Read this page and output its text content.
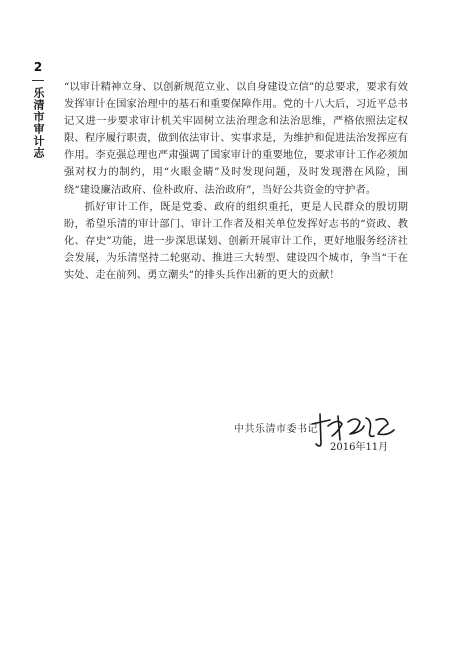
2
乐清市审计志 “以审计精神立身、以创新规范立业、以自身建设立信”的总要求，要求有效发挥审计在国家治理中的基石和重要保障作用。党的十八大后，习近平总书记又进一步要求审计机关牢固树立法治理念和法治思维，严格依照法定权限、程序履行职责，做到依法审计、实事求是，为维护和促进法治发挥应有作用。李克强总理也严肃强调了国家审计的重要地位，要求审计工作必须加强对权力的制约，用“火眼金睛”及时发现问题，及时发现潜在风险，围绕“建设廉洁政府、俭朴政府、法治政府”，当好公共资金的守护者。

抓好审计工作，既是党委、政府的组织重托，更是人民群众的殷切期盼，希望乐清的审计部门、审计工作者及相关单位发挥好志书的“资政、教化、存史”功能，进一步深思谋划、创新开展审计工作，更好地服务经济社会发展，为乐清坚持二轮驱动、推进三大转型、建设四个城市，争当“干在实处、走在前列、勇立潮头”的排头兵作出新的更大的贡献！

中共乐清市委书记
2016年11月
